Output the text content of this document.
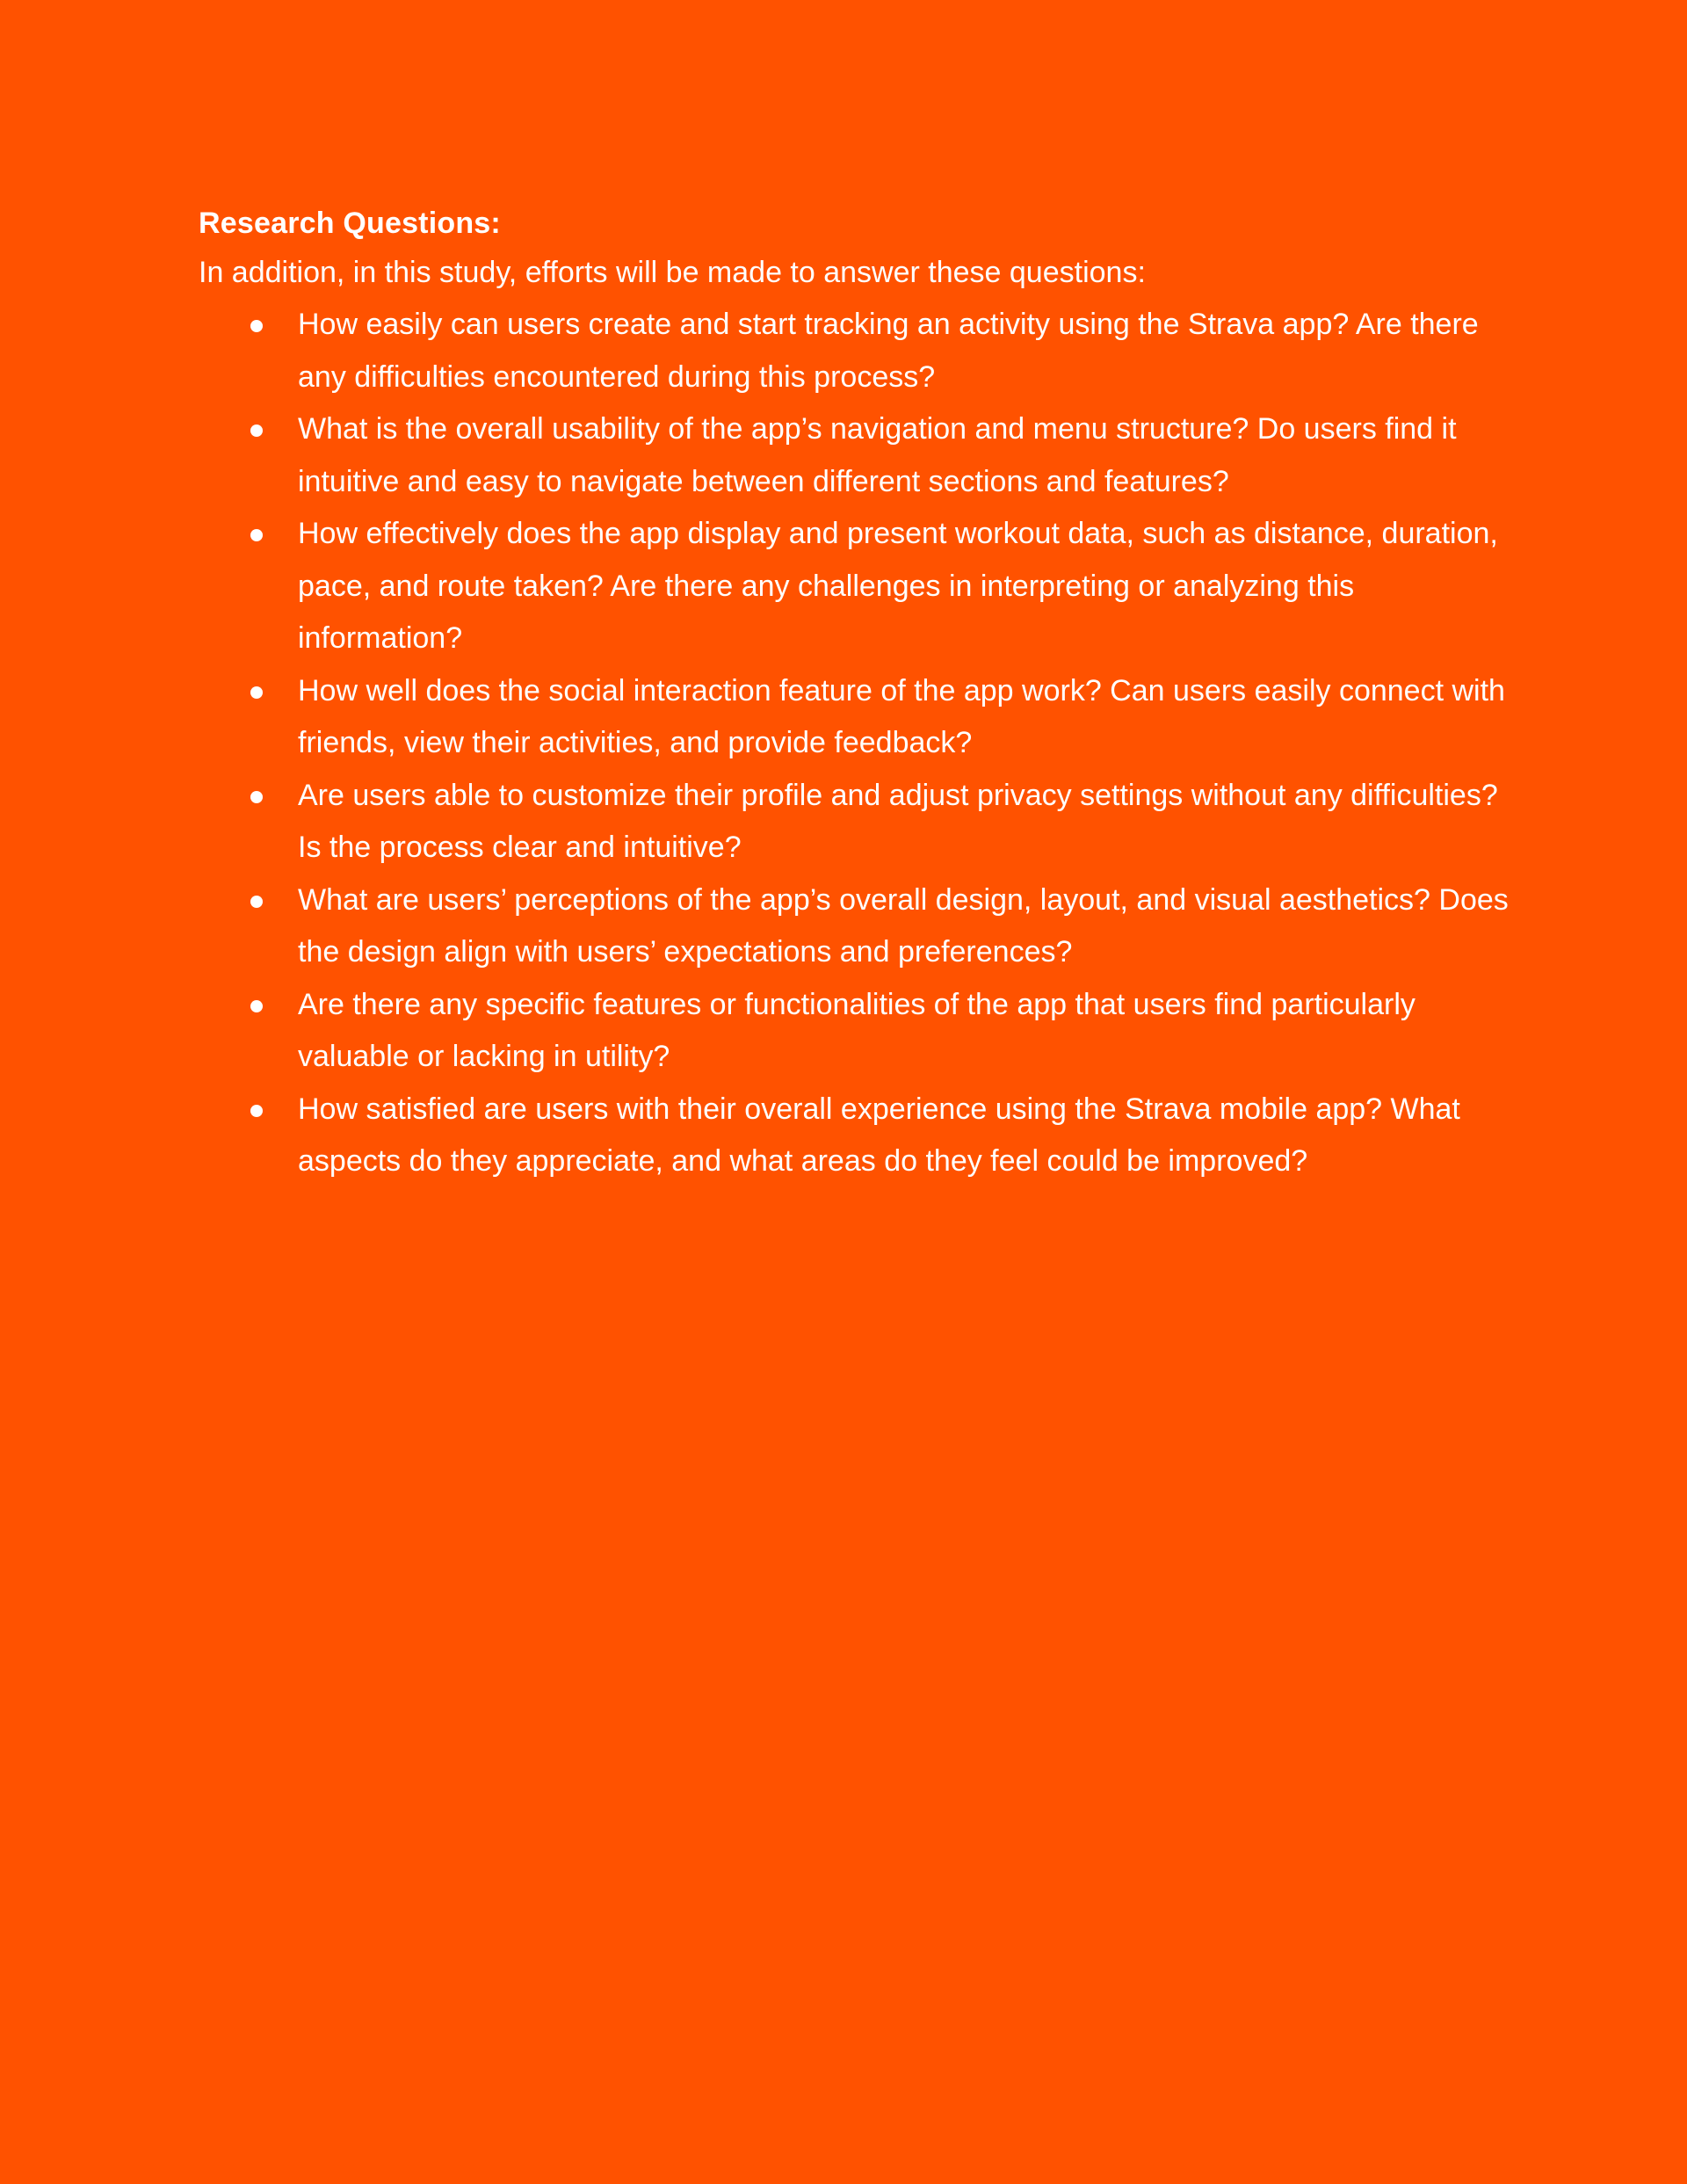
Research Questions:

In addition, in this study, efforts will be made to answer these questions:

How easily can users create and start tracking an activity using the Strava app? Are there any difficulties encountered during this process?
What is the overall usability of the app’s navigation and menu structure? Do users find it intuitive and easy to navigate between different sections and features?
How effectively does the app display and present workout data, such as distance, duration, pace, and route taken? Are there any challenges in interpreting or analyzing this information?
How well does the social interaction feature of the app work? Can users easily connect with friends, view their activities, and provide feedback?
Are users able to customize their profile and adjust privacy settings without any difficulties? Is the process clear and intuitive?
What are users’ perceptions of the app’s overall design, layout, and visual aesthetics? Does the design align with users’ expectations and preferences?
Are there any specific features or functionalities of the app that users find particularly valuable or lacking in utility?
How satisfied are users with their overall experience using the Strava mobile app? What aspects do they appreciate, and what areas do they feel could be improved?
